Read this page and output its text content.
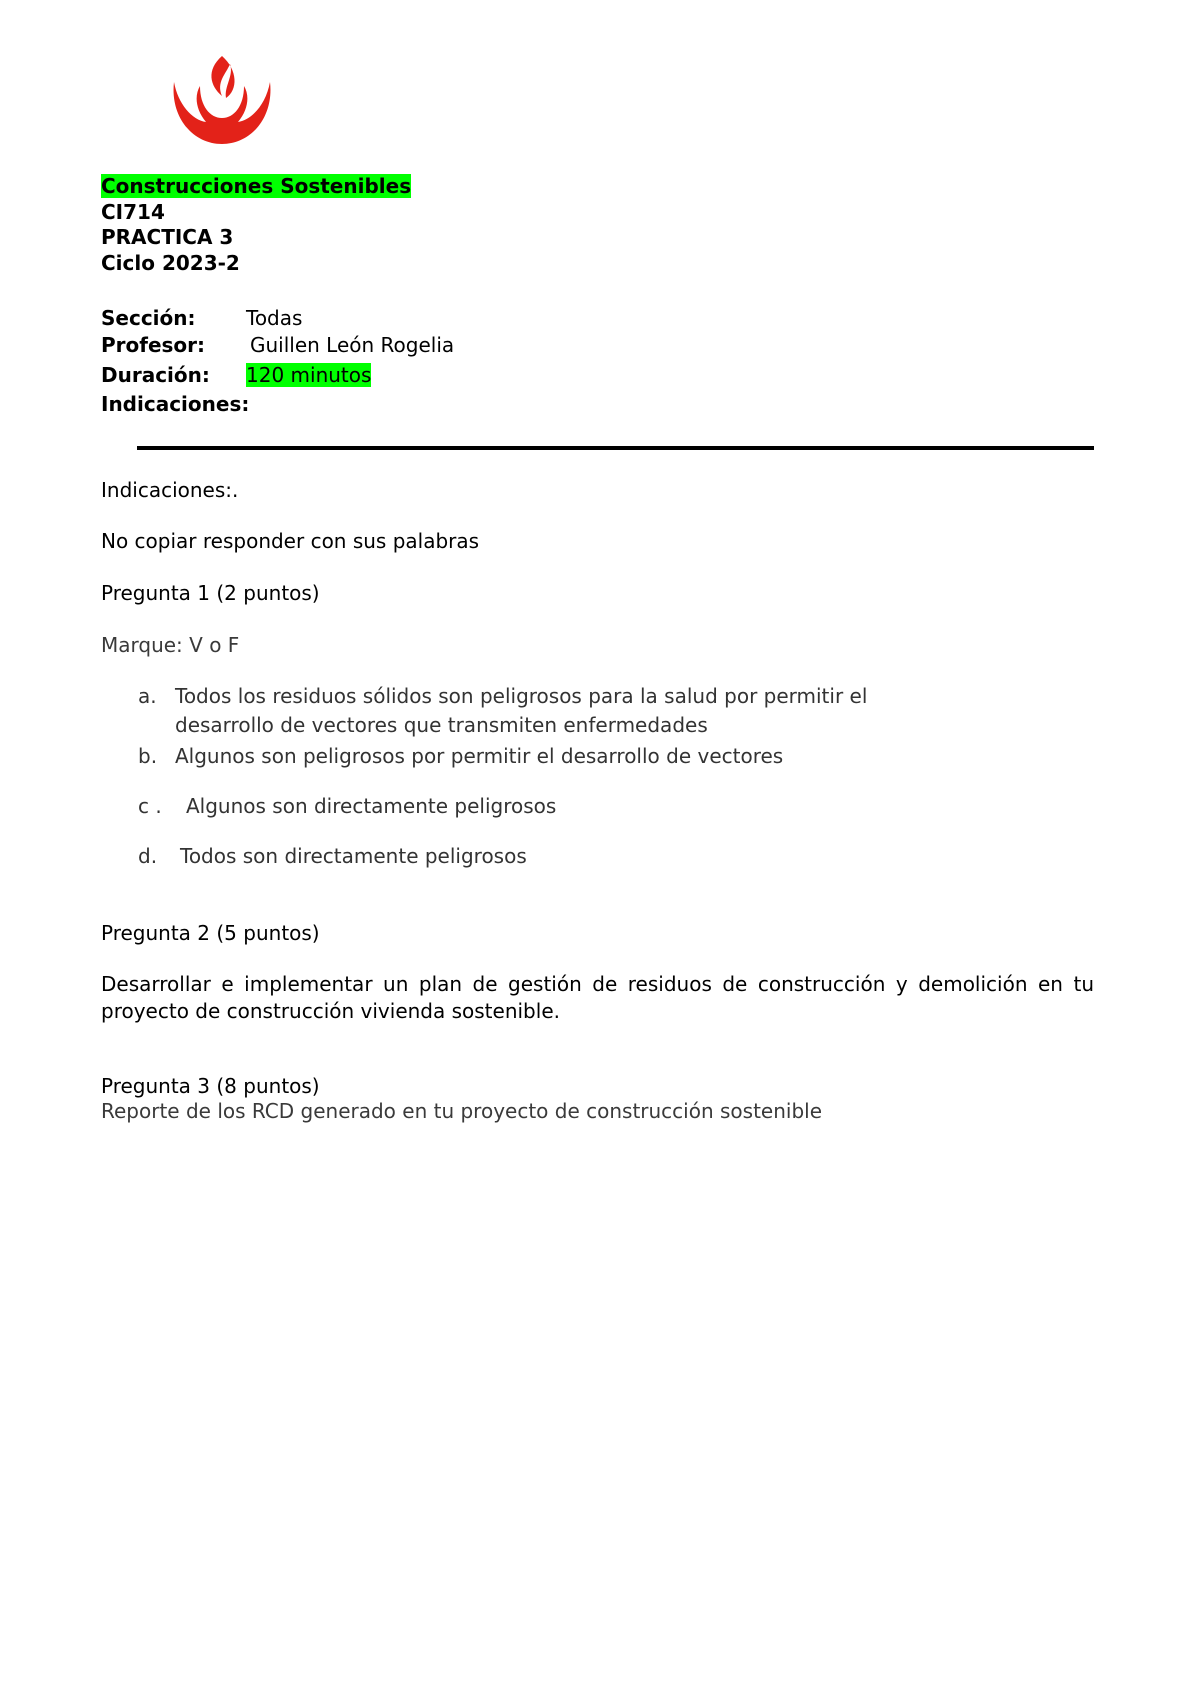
Construcciones Sostenibles
CI714
PRACTICA 3
Ciclo 2023-2
Sección:	Todas
Profesor: Guillen León Rogelia
Duración: 120 minutos
Indicaciones:
Indicaciones:.
No copiar responder con sus palabras
Pregunta 1 (2 puntos)
Marque: V o F
a. Todos los residuos sólidos son peligrosos para la salud por permitir el
desarrollo de vectores que transmiten enfermedades
b. Algunos son peligrosos por permitir el desarrollo de vectores
c . Algunos son directamente peligrosos
d. Todos son directamente peligrosos
Pregunta 2 (5 puntos)
Desarrollar e implementar un plan de gestión de residuos de construcción y demolición en tu proyecto de construcción vivienda sostenible.
Pregunta 3 (8 puntos)
Reporte de los RCD generado en tu proyecto de construcción sostenible
